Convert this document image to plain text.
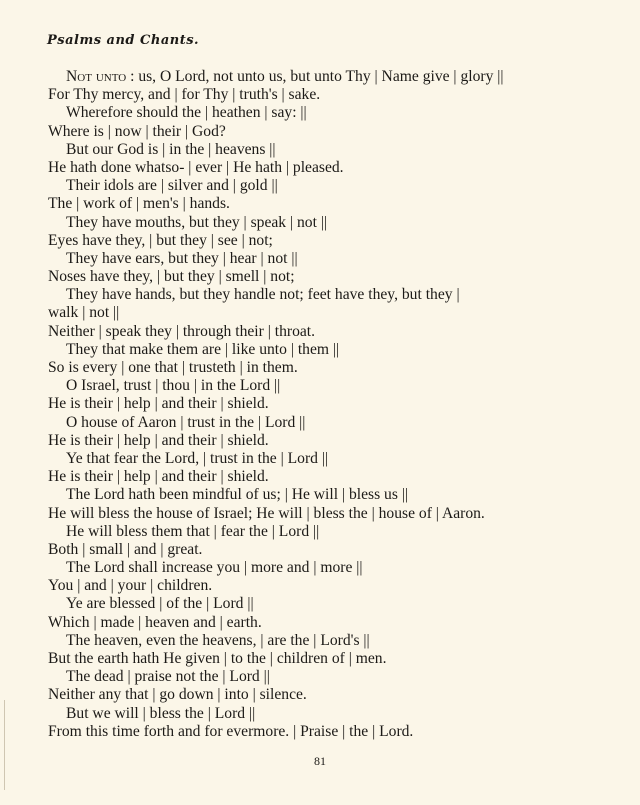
Psalms and Chants.
Not unto : us, O Lord, not unto us, but unto Thy | Name give | glory ||
For Thy mercy, and | for Thy | truth's | sake.
Wherefore should the | heathen | say: ||
Where is | now | their | God?
But our God is | in the | heavens ||
He hath done whatso- | ever | He hath | pleased.
Their idols are | silver and | gold ||
The | work of | men's | hands.
They have mouths, but they | speak | not ||
Eyes have they, | but they | see | not;
They have ears, but they | hear | not ||
Noses have they, | but they | smell | not;
They have hands, but they handle not; feet have they, but they |
walk | not ||
Neither | speak they | through their | throat.
They that make them are | like unto | them ||
So is every | one that | trusteth | in them.
O Israel, trust | thou | in the Lord ||
He is their | help | and their | shield.
O house of Aaron | trust in the | Lord ||
He is their | help | and their | shield.
Ye that fear the Lord, | trust in the | Lord ||
He is their | help | and their | shield.
The Lord hath been mindful of us; | He will | bless us ||
He will bless the house of Israel; He will | bless the | house of | Aaron.
He will bless them that | fear the | Lord ||
Both | small | and | great.
The Lord shall increase you | more and | more ||
You | and | your | children.
Ye are blessed | of the | Lord ||
Which | made | heaven and | earth.
The heaven, even the heavens, | are the | Lord's ||
But the earth hath He given | to the | children of | men.
The dead | praise not the | Lord ||
Neither any that | go down | into | silence.
But we will | bless the | Lord ||
From this time forth and for evermore. | Praise | the | Lord.
81
